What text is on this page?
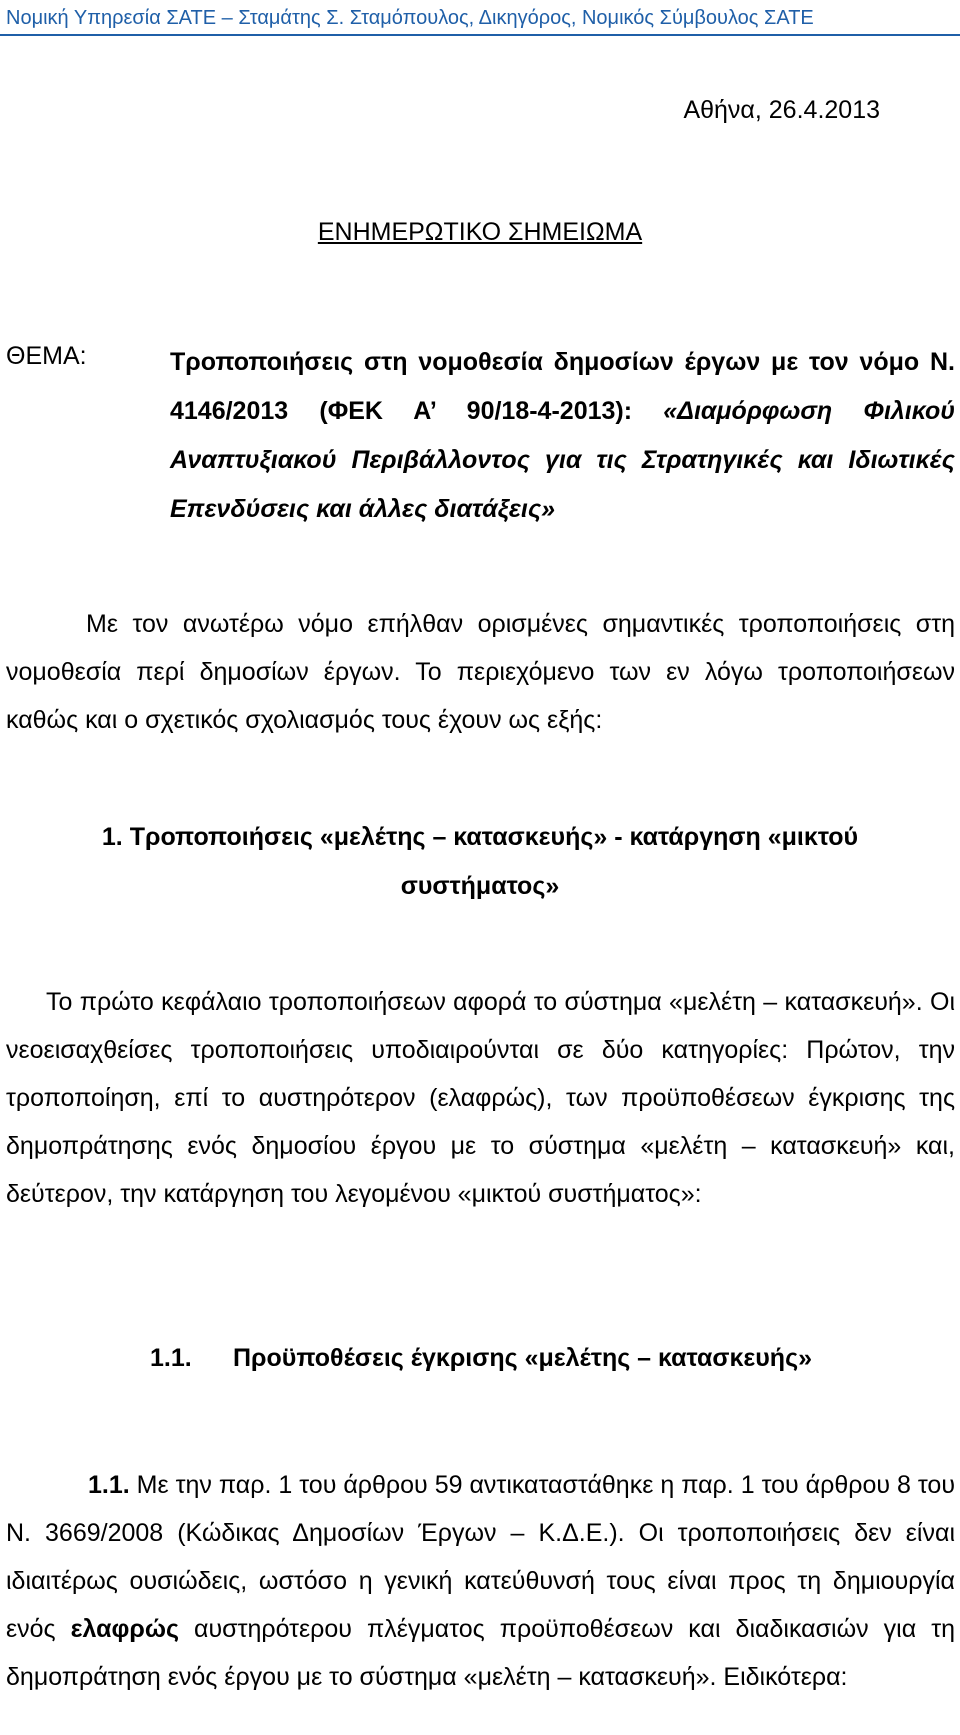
Νομική Υπηρεσία ΣΑΤΕ – Σταμάτης Σ. Σταμόπουλος, Δικηγόρος, Νομικός Σύμβουλος ΣΑΤΕ
Αθήνα, 26.4.2013
ΕΝΗΜΕΡΩΤΙΚΟ ΣΗΜΕΙΩΜΑ
ΘΕΜΑ:	Τροποποιήσεις στη νομοθεσία δημοσίων έργων με τον νόμο Ν. 4146/2013 (ΦΕΚ Α’ 90/18-4-2013): «Διαμόρφωση Φιλικού Αναπτυξιακού Περιβάλλοντος για τις Στρατηγικές και Ιδιωτικές Επενδύσεις και άλλες διατάξεις»

Με τον ανωτέρω νόμο επήλθαν ορισμένες σημαντικές τροποποιήσεις στη νομοθεσία περί δημοσίων έργων. Το περιεχόμενο των εν λόγω τροποποιήσεων καθώς και ο σχετικός σχολιασμός τους έχουν ως εξής:

1. Τροποποιήσεις «μελέτης – κατασκευής» - κατάργηση «μικτού
συστήματος»

Το πρώτο κεφάλαιο τροποποιήσεων αφορά το σύστημα «μελέτη – κατασκευή». Οι νεοεισαχθείσες τροποποιήσεις υποδιαιρούνται σε δύο κατηγορίες: Πρώτον, την τροποποίηση, επί το αυστηρότερον (ελαφρώς), των προϋποθέσεων έγκρισης της δημοπράτησης ενός δημοσίου έργου με το σύστημα «μελέτη – κατασκευή» και, δεύτερον, την κατάργηση του λεγομένου «μικτού συστήματος»:

1.1. Προϋποθέσεις έγκρισης «μελέτης – κατασκευής»

1.1. Με την παρ. 1 του άρθρου 59 αντικαταστάθηκε η παρ. 1 του άρθρου 8 του Ν. 3669/2008 (Κώδικας Δημοσίων Έργων – Κ.Δ.Ε.). Οι τροποποιήσεις δεν είναι ιδιαιτέρως ουσιώδεις, ωστόσο η γενική κατεύθυνσή τους είναι προς τη δημιουργία ενός ελαφρώς αυστηρότερου πλέγματος προϋποθέσεων και διαδικασιών για τη δημοπράτηση ενός έργου με το σύστημα «μελέτη – κατασκευή». Ειδικότερα:
